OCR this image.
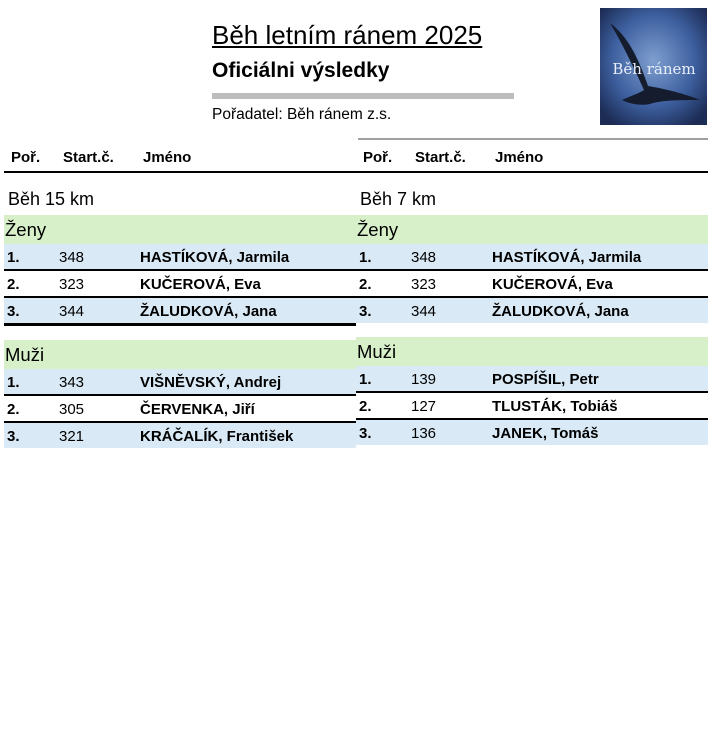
Běh letním ránem 2025
Oficiálni výsledky
Pořadatel: Běh ránem z.s.
Běh ránem
Poř. Start.č. Jméno
Běh 15 km
Ženy
1.	348	HASTÍKOVÁ, Jarmila
2.	323	KUČEROVÁ, Eva
3.	344	ŽALUDKOVÁ, Jana
Muži
1.	343	VIŠNĚVSKÝ, Andrej
2.	305	ČERVENKA, Jiří
3.	321	KRÁČALÍK, František
Poř. Start.č. Jméno
Běh 7 km
Ženy
1.	348	HASTÍKOVÁ, Jarmila
2.	323	KUČEROVÁ, Eva
3.	344	ŽALUDKOVÁ, Jana
Muži
1.	139	POSPÍŠIL, Petr
2.	127	TLUSTÁK, Tobiáš
3.	136	JANEK, Tomáš
